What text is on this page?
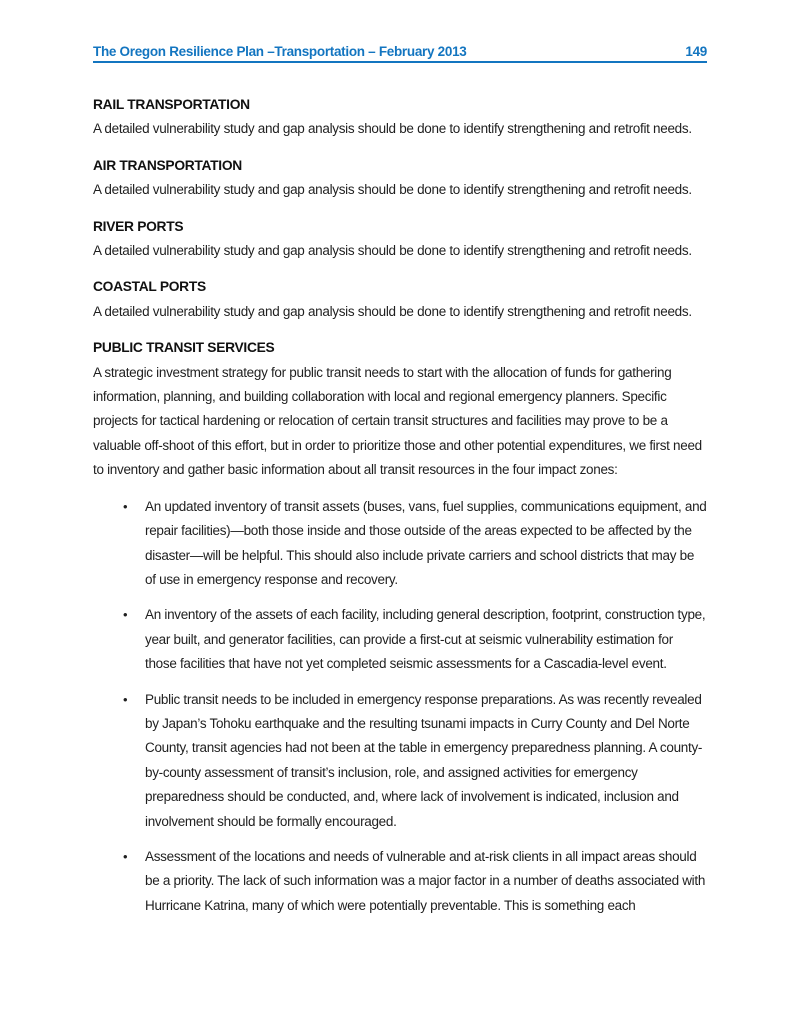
The Oregon Resilience Plan –Transportation – February 2013	149
RAIL TRANSPORTATION

A detailed vulnerability study and gap analysis should be done to identify strengthening and retrofit needs.

AIR TRANSPORTATION

A detailed vulnerability study and gap analysis should be done to identify strengthening and retrofit needs.

RIVER PORTS

A detailed vulnerability study and gap analysis should be done to identify strengthening and retrofit needs.

COASTAL PORTS

A detailed vulnerability study and gap analysis should be done to identify strengthening and retrofit needs.

PUBLIC TRANSIT SERVICES

A strategic investment strategy for public transit needs to start with the allocation of funds for gathering information, planning, and building collaboration with local and regional emergency planners. Specific projects for tactical hardening or relocation of certain transit structures and facilities may prove to be a valuable off-shoot of this effort, but in order to prioritize those and other potential expenditures, we first need to inventory and gather basic information about all transit resources in the four impact zones:

•	An updated inventory of transit assets (buses, vans, fuel supplies, communications equipment, and repair facilities)—both those inside and those outside of the areas expected to be affected by the disaster—will be helpful. This should also include private carriers and school districts that may be of use in emergency response and recovery.
•	An inventory of the assets of each facility, including general description, footprint, construction type, year built, and generator facilities, can provide a first-cut at seismic vulnerability estimation for those facilities that have not yet completed seismic assessments for a Cascadia-level event.
•	Public transit needs to be included in emergency response preparations. As was recently revealed by Japan’s Tohoku earthquake and the resulting tsunami impacts in Curry County and Del Norte County, transit agencies had not been at the table in emergency preparedness planning. A county-by-county assessment of transit’s inclusion, role, and assigned activities for emergency preparedness should be conducted, and, where lack of involvement is indicated, inclusion and involvement should be formally encouraged.
•	Assessment of the locations and needs of vulnerable and at-risk clients in all impact areas should be a priority. The lack of such information was a major factor in a number of deaths associated with Hurricane Katrina, many of which were potentially preventable. This is something each
